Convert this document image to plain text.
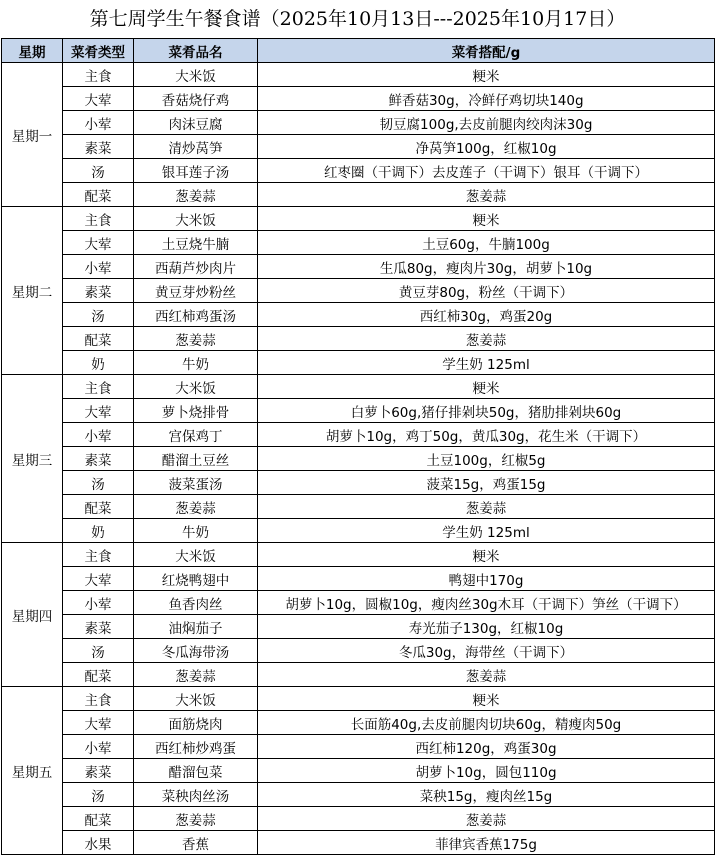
第七周学生午餐食谱（2025年10月13日---2025年10月17日）
星期	菜肴类型	菜肴品名	菜肴搭配/g
星期一	主食	大米饭	粳米
	大荤	香菇烧仔鸡	鲜香菇30g，冷鲜仔鸡切块140g
	小荤	肉沫豆腐	韧豆腐100g,去皮前腿肉绞肉沫30g
	素菜	清炒莴笋	净莴笋100g，红椒10g
	汤	银耳莲子汤	红枣圈（干调下）去皮莲子（干调下）银耳（干调下）
	配菜	葱姜蒜	葱姜蒜
星期二	主食	大米饭	粳米
	大荤	土豆烧牛腩	土豆60g，牛腩100g
	小荤	西葫芦炒肉片	生瓜80g，瘦肉片30g，胡萝卜10g
	素菜	黄豆芽炒粉丝	黄豆芽80g，粉丝（干调下）
	汤	西红柿鸡蛋汤	西红柿30g，鸡蛋20g
	配菜	葱姜蒜	葱姜蒜
	奶	牛奶	学生奶 125ml
星期三	主食	大米饭	粳米
	大荤	萝卜烧排骨	白萝卜60g,猪仔排剁块50g，猪肋排剁块60g
	小荤	宫保鸡丁	胡萝卜10g，鸡丁50g，黄瓜30g，花生米（干调下）
	素菜	醋溜土豆丝	土豆100g，红椒5g
	汤	菠菜蛋汤	菠菜15g，鸡蛋15g
	配菜	葱姜蒜	葱姜蒜
	奶	牛奶	学生奶 125ml
星期四	主食	大米饭	粳米
	大荤	红烧鸭翅中	鸭翅中170g
	小荤	鱼香肉丝	胡萝卜10g，圆椒10g，瘦肉丝30g木耳（干调下）笋丝（干调下）
	素菜	油焖茄子	寿光茄子130g，红椒10g
	汤	冬瓜海带汤	冬瓜30g，海带丝（干调下）
	配菜	葱姜蒜	葱姜蒜
星期五	主食	大米饭	粳米
	大荤	面筋烧肉	长面筋40g,去皮前腿肉切块60g，精瘦肉50g
	小荤	西红柿炒鸡蛋	西红柿120g，鸡蛋30g
	素菜	醋溜包菜	胡萝卜10g，圆包110g
	汤	菜秧肉丝汤	菜秧15g，瘦肉丝15g
	配菜	葱姜蒜	葱姜蒜
	水果	香蕉	菲律宾香蕉175g
